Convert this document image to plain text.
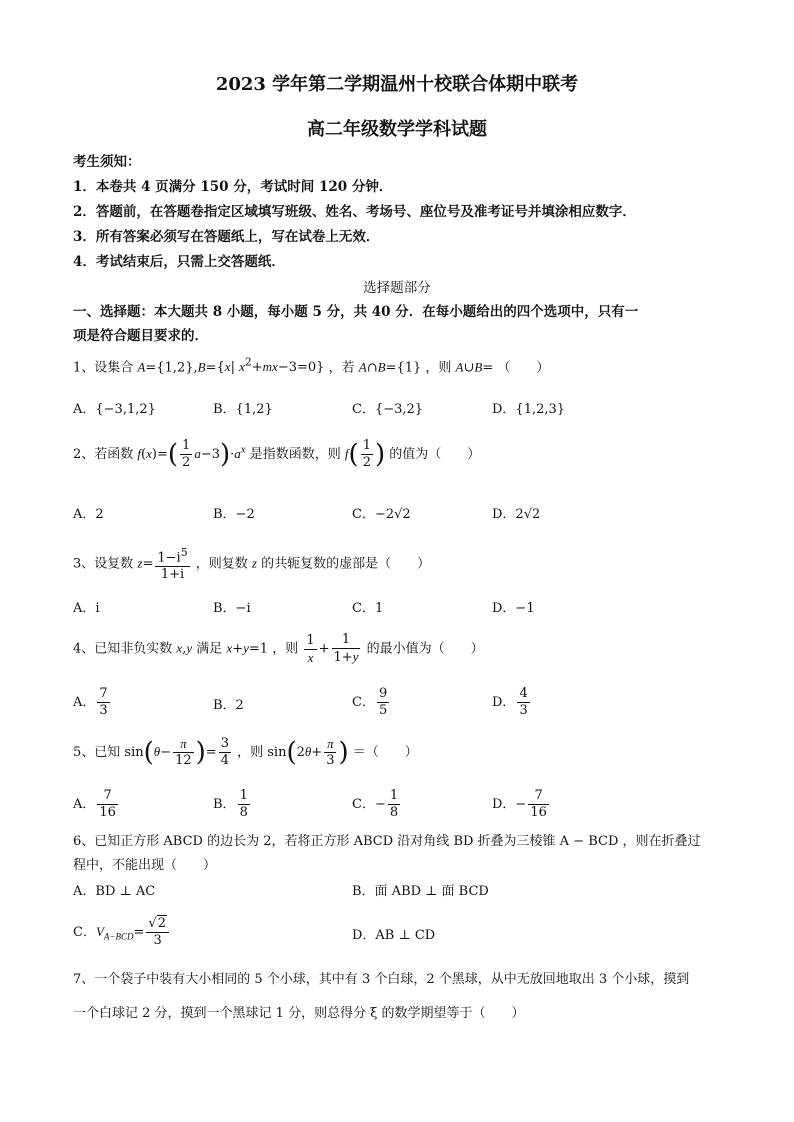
2023 学年第二学期温州十校联合体期中联考
高二年级数学学科试题
考生须知：
1．本卷共 4 页满分 150 分，考试时间 120 分钟．
2．答题前，在答题卷指定区域填写班级、姓名、考场号、座位号及准考证号并填涂相应数字．
3．所有答案必须写在答题纸上，写在试卷上无效．
4．考试结束后，只需上交答题纸．
选择题部分
一、选择题：本大题共 8 小题，每小题 5 分，共 40 分．在每小题给出的四个选项中，只有一
项是符合题目要求的．
1、设集合 A={1,2},B={x| $x^2+mx-3=0$} ，若 A∩B={1} ，则 A∪B= （　　）
A．{−3,1,2}	B．{1,2}	C．{−3,2}	D．{1,2,3}
2、若函数 $f(x)=( \frac{1}{2} a-3)\cdot a^x$ 是指数函数，则 $f( \frac{1}{2}$ ) 的值为（　　）
A．2	B．−2	C．−2√2	D．2√2
3、设复数 $z= \frac{1-i^5}{1+i}$ ，则复数 z 的共轭复数的虚部是（　　）
A．i	B．−i	C．1	D．−1
4、已知非负实数 x,y 满足 x+y=1 ，则 $\frac{1}{x} + \frac{1}{1+y}$ 的最小值为（　　）
A． $\frac{7}{3}$	B．2	C． $\frac{9}{5}$	D． $\frac{4}{3}$
5、已知 $\sin(\theta- \frac{\pi}{12}$ )= $\frac{3}{4}$ ，则 $\sin(2\theta+ \frac{\pi}{3}$ ) ＝（　　）
A． $\frac{7}{16}$	B． $\frac{1}{8}$	C．− $\frac{1}{8}$	D．− $\frac{7}{16}$
6、已知正方形 ABCD 的边长为 2，若将正方形 ABCD 沿对角线 BD 折叠为三棱锥 A − BCD ，则在折叠过
程中，不能出现（　　）
A．BD ⊥ AC	B．面 ABD ⊥ 面 BCD
C．$V_{A-BCD}= \frac{√2}{3}$	D．AB ⊥ CD
7、一个袋子中装有大小相同的 5 个小球，其中有 3 个白球，2 个黑球，从中无放回地取出 3 个小球，摸到
一个白球记 2 分，摸到一个黑球记 1 分，则总得分 ξ 的数学期望等于（　　）
